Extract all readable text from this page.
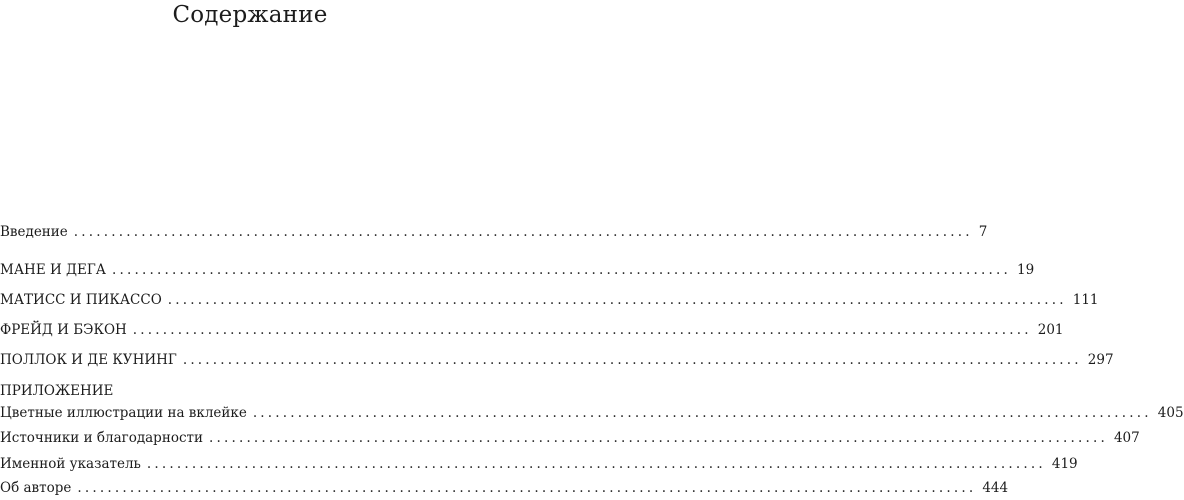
Содержание
Введение ........................................................................................................................ 7
МАНЕ И ДЕГА ........................................................................................................................ 19
МАТИСС И ПИКАССО ........................................................................................................................ 111
ФРЕЙД И БЭКОН ........................................................................................................................ 201
ПОЛЛОК И ДЕ КУНИНГ ........................................................................................................................ 297
ПРИЛОЖЕНИЕ
Цветные иллюстрации на вклейке ........................................................................................................................ 405
Источники и благодарности ........................................................................................................................ 407
Именной указатель ........................................................................................................................ 419
Об авторе ........................................................................................................................ 444
